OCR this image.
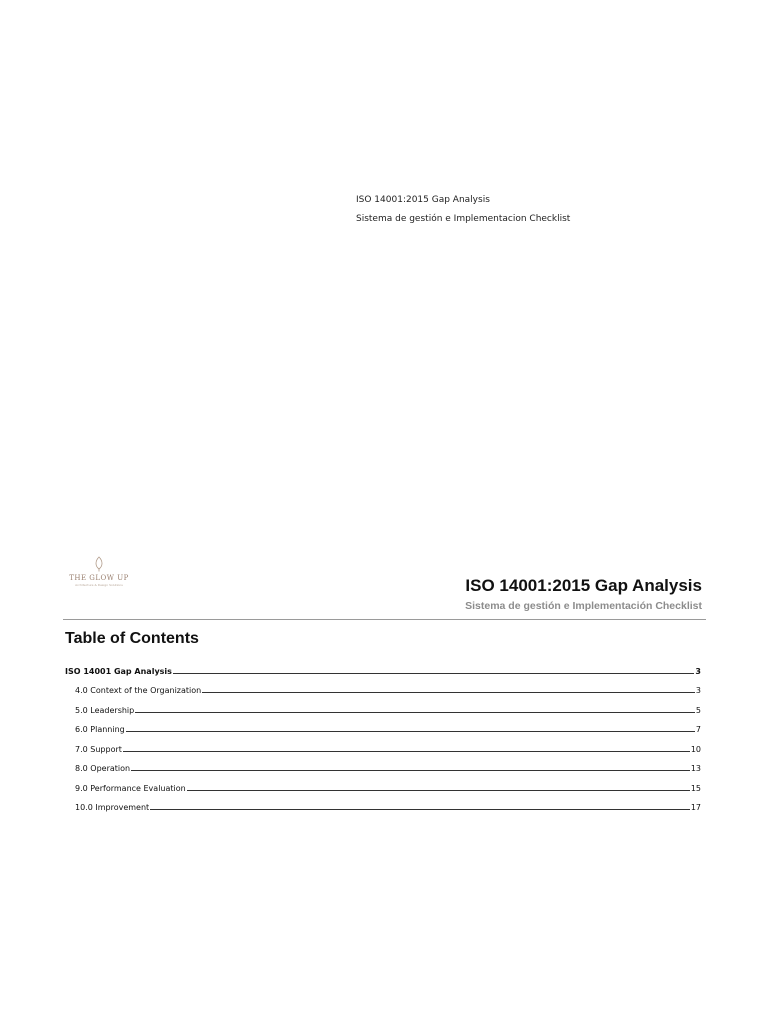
ISO 14001:2015 Gap Analysis
Sistema de gestión e Implementacion Checklist
THE GLOW UP
Architecture & Design Solutions	ISO 14001:2015 Gap Analysis
Sistema de gestión e Implementación Checklist
Table of Contents
ISO 14001 Gap Analysis	3
4.0 Context of the Organization	3
5.0 Leadership	5
6.0 Planning	7
7.0 Support	10
8.0 Operation	13
9.0 Performance Evaluation	15
10.0 Improvement	17
